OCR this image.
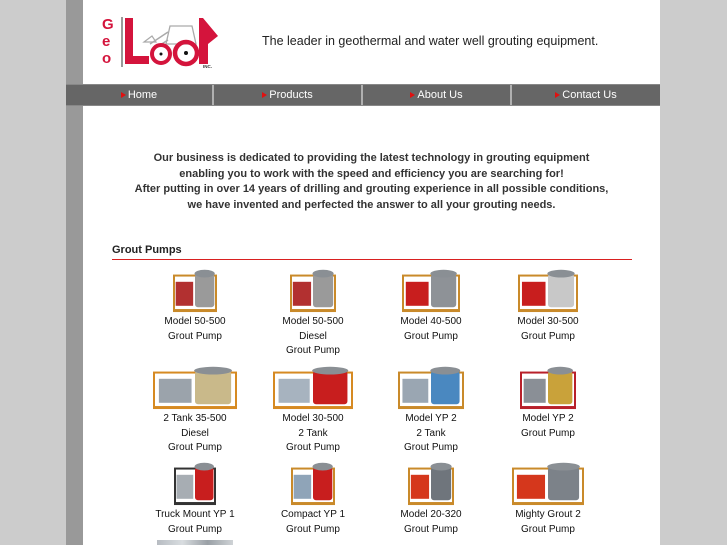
G
e
o	INC.
The leader in geothermal and water well grouting equipment.
Home	Products	About Us	Contact Us
Our business is dedicated to providing the latest technology in grouting equipment
enabling you to work with the speed and efficiency you are searching for!
After putting in over 14 years of drilling and grouting experience in all possible conditions,
we have invented and perfected the answer to all your grouting needs.
Grout Pumps
Model 50-500
Grout Pump
Model 50-500
Diesel
Grout Pump
Model 40-500
Grout Pump
Model 30-500
Grout Pump
2 Tank 35-500
Diesel
Grout Pump
Model 30-500
2 Tank
Grout Pump
Model YP 2
2 Tank
Grout Pump
Model YP 2
Grout Pump
Truck Mount YP 1
Grout Pump
Compact YP 1
Grout Pump
Model 20-320
Grout Pump
Mighty Grout 2
Grout Pump
